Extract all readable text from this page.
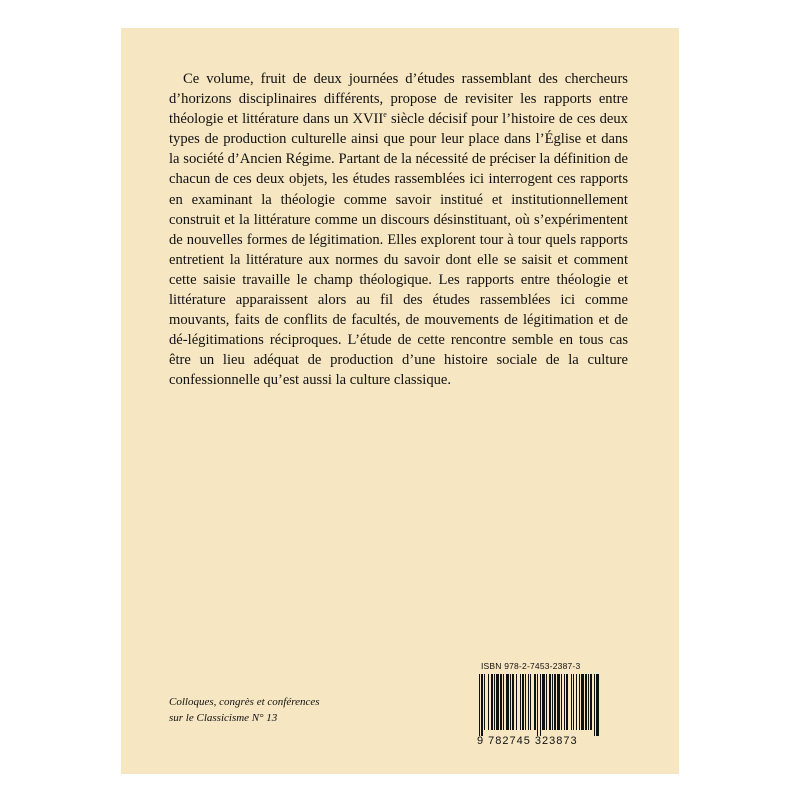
Ce volume, fruit de deux journées d’études rassemblant des chercheurs d’horizons disciplinaires différents, propose de revisiter les rapports entre théologie et littérature dans un XVIIe siècle décisif pour l’histoire de ces deux types de production culturelle ainsi que pour leur place dans l’Église et dans la société d’Ancien Régime. Partant de la nécessité de préciser la définition de chacun de ces deux objets, les études rassemblées ici interrogent ces rapports en examinant la théologie comme savoir institué et institutionnellement construit et la littérature comme un discours désinstituant, où s’expérimentent de nouvelles formes de légitimation. Elles explorent tour à tour quels rapports entretient la littérature aux normes du savoir dont elle se saisit et comment cette saisie travaille le champ théologique. Les rapports entre théologie et littérature apparaissent alors au fil des études rassemblées ici comme mouvants, faits de conflits de facultés, de mouvements de légitimation et de dé-légitimations réciproques. L’étude de cette rencontre semble en tous cas être un lieu adéquat de production d’une histoire sociale de la culture confessionnelle qu’est aussi la culture classique.

Colloques, congrès et conférences
sur le Classicisme N° 13
ISBN 978-2-7453-2387-3
9 782745 323873
